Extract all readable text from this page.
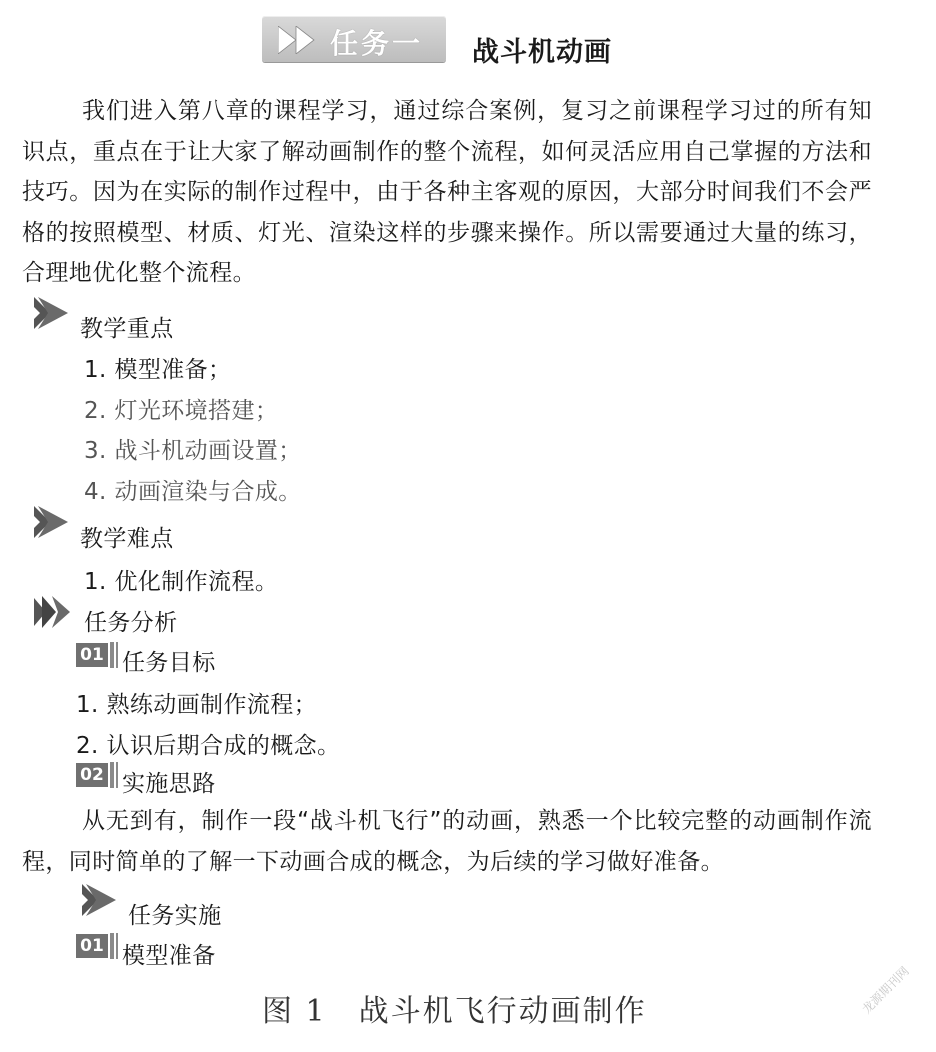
任务一 战斗机动画
我们进入第八章的课程学习，通过综合案例，复习之前课程学习过的所有知识点，重点在于让大家了解动画制作的整个流程，如何灵活应用自己掌握的方法和技巧。因为在实际的制作过程中，由于各种主客观的原因，大部分时间我们不会严格的按照模型、材质、灯光、渲染这样的步骤来操作。所以需要通过大量的练习，合理地优化整个流程。
教学重点
1. 模型准备；
2. 灯光环境搭建；
3. 战斗机动画设置；
4. 动画渲染与合成。
教学难点
1. 优化制作流程。
任务分析
01 任务目标
1. 熟练动画制作流程；
2. 认识后期合成的概念。
02 实施思路
从无到有，制作一段“战斗机飞行”的动画，熟悉一个比较完整的动画制作流程，同时简单的了解一下动画合成的概念，为后续的学习做好准备。
任务实施
01 模型准备
图 1　战斗机飞行动画制作	龙源期刊网
